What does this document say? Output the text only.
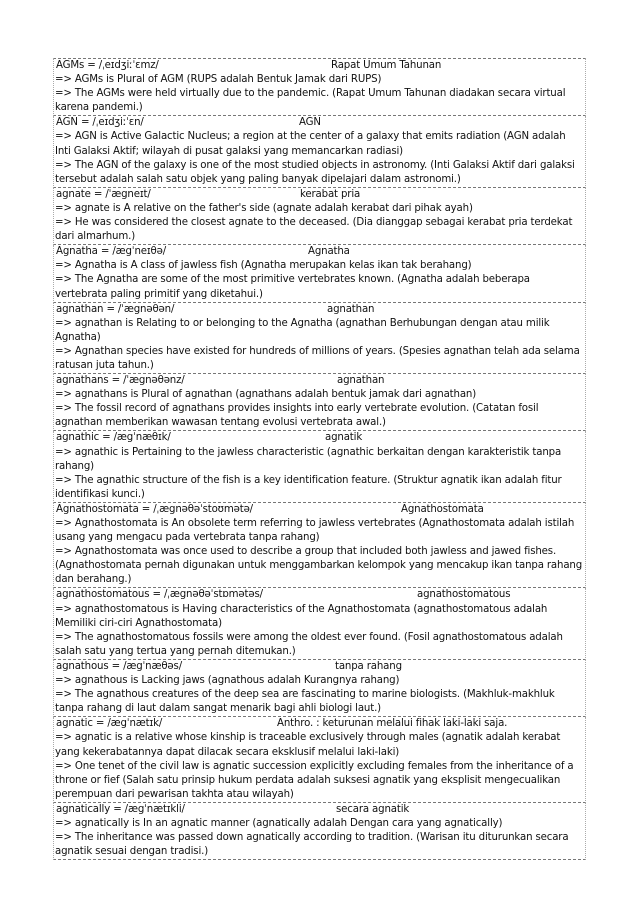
AGMs = /ˌeɪdʒiːˈɛmz/	Rapat Umum Tahunan
=> AGMs is Plural of AGM (RUPS adalah Bentuk Jamak dari RUPS)
=> The AGMs were held virtually due to the pandemic. (Rapat Umum Tahunan diadakan secara virtual karena pandemi.)
AGN = /ˌeɪdʒiːˈɛn/	AGN
=> AGN is Active Galactic Nucleus; a region at the center of a galaxy that emits radiation (AGN adalah Inti Galaksi Aktif; wilayah di pusat galaksi yang memancarkan radiasi)
=> The AGN of the galaxy is one of the most studied objects in astronomy. (Inti Galaksi Aktif dari galaksi tersebut adalah salah satu objek yang paling banyak dipelajari dalam astronomi.)
agnate = /ˈægneɪt/	kerabat pria
=> agnate is A relative on the father's side (agnate adalah kerabat dari pihak ayah)
=> He was considered the closest agnate to the deceased. (Dia dianggap sebagai kerabat pria terdekat dari almarhum.)
Agnatha = /ægˈneɪθə/	Agnatha
=> Agnatha is A class of jawless fish (Agnatha merupakan kelas ikan tak berahang)
=> The Agnatha are some of the most primitive vertebrates known. (Agnatha adalah beberapa vertebrata paling primitif yang diketahui.)
agnathan = /ˈægnəθən/	agnathan
=> agnathan is Relating to or belonging to the Agnatha (agnathan Berhubungan dengan atau milik Agnatha)
=> Agnathan species have existed for hundreds of millions of years. (Spesies agnathan telah ada selama ratusan juta tahun.)
agnathans = /ˈægnəθənz/	agnathan
=> agnathans is Plural of agnathan (agnathans adalah bentuk jamak dari agnathan)
=> The fossil record of agnathans provides insights into early vertebrate evolution. (Catatan fosil agnathan memberikan wawasan tentang evolusi vertebrata awal.)
agnathic = /ægˈnæθɪk/	agnatik
=> agnathic is Pertaining to the jawless characteristic (agnathic berkaitan dengan karakteristik tanpa rahang)
=> The agnathic structure of the fish is a key identification feature. (Struktur agnatik ikan adalah fitur identifikasi kunci.)
Agnathostomata = /ˌægnəθəˈstoʊmətə/	Agnathostomata
=> Agnathostomata is An obsolete term referring to jawless vertebrates (Agnathostomata adalah istilah usang yang mengacu pada vertebrata tanpa rahang)
=> Agnathostomata was once used to describe a group that included both jawless and jawed fishes. (Agnathostomata pernah digunakan untuk menggambarkan kelompok yang mencakup ikan tanpa rahang dan berahang.)
agnathostomatous = /ˌægnəθəˈstɒmətəs/	agnathostomatous
=> agnathostomatous is Having characteristics of the Agnathostomata (agnathostomatous adalah Memiliki ciri-ciri Agnathostomata)
=> The agnathostomatous fossils were among the oldest ever found. (Fosil agnathostomatous adalah salah satu yang tertua yang pernah ditemukan.)
agnathous = /ægˈnæθəs/	tanpa rahang
=> agnathous is Lacking jaws (agnathous adalah Kurangnya rahang)
=> The agnathous creatures of the deep sea are fascinating to marine biologists. (Makhluk-makhluk tanpa rahang di laut dalam sangat menarik bagi ahli biologi laut.)
agnatic = /ægˈnætɪk/	Anthro. : keturunan melalui fihak laki-laki saja.
=> agnatic is a relative whose kinship is traceable exclusively through males (agnatik adalah kerabat yang kekerabatannya dapat dilacak secara eksklusif melalui laki-laki)
=> One tenet of the civil law is agnatic succession explicitly excluding females from the inheritance of a throne or fief (Salah satu prinsip hukum perdata adalah suksesi agnatik yang eksplisit mengecualikan perempuan dari pewarisan takhta atau wilayah)
agnatically = /ægˈnætɪkli/	secara agnatik
=> agnatically is In an agnatic manner (agnatically adalah Dengan cara yang agnatically)
=> The inheritance was passed down agnatically according to tradition. (Warisan itu diturunkan secara agnatik sesuai dengan tradisi.)
